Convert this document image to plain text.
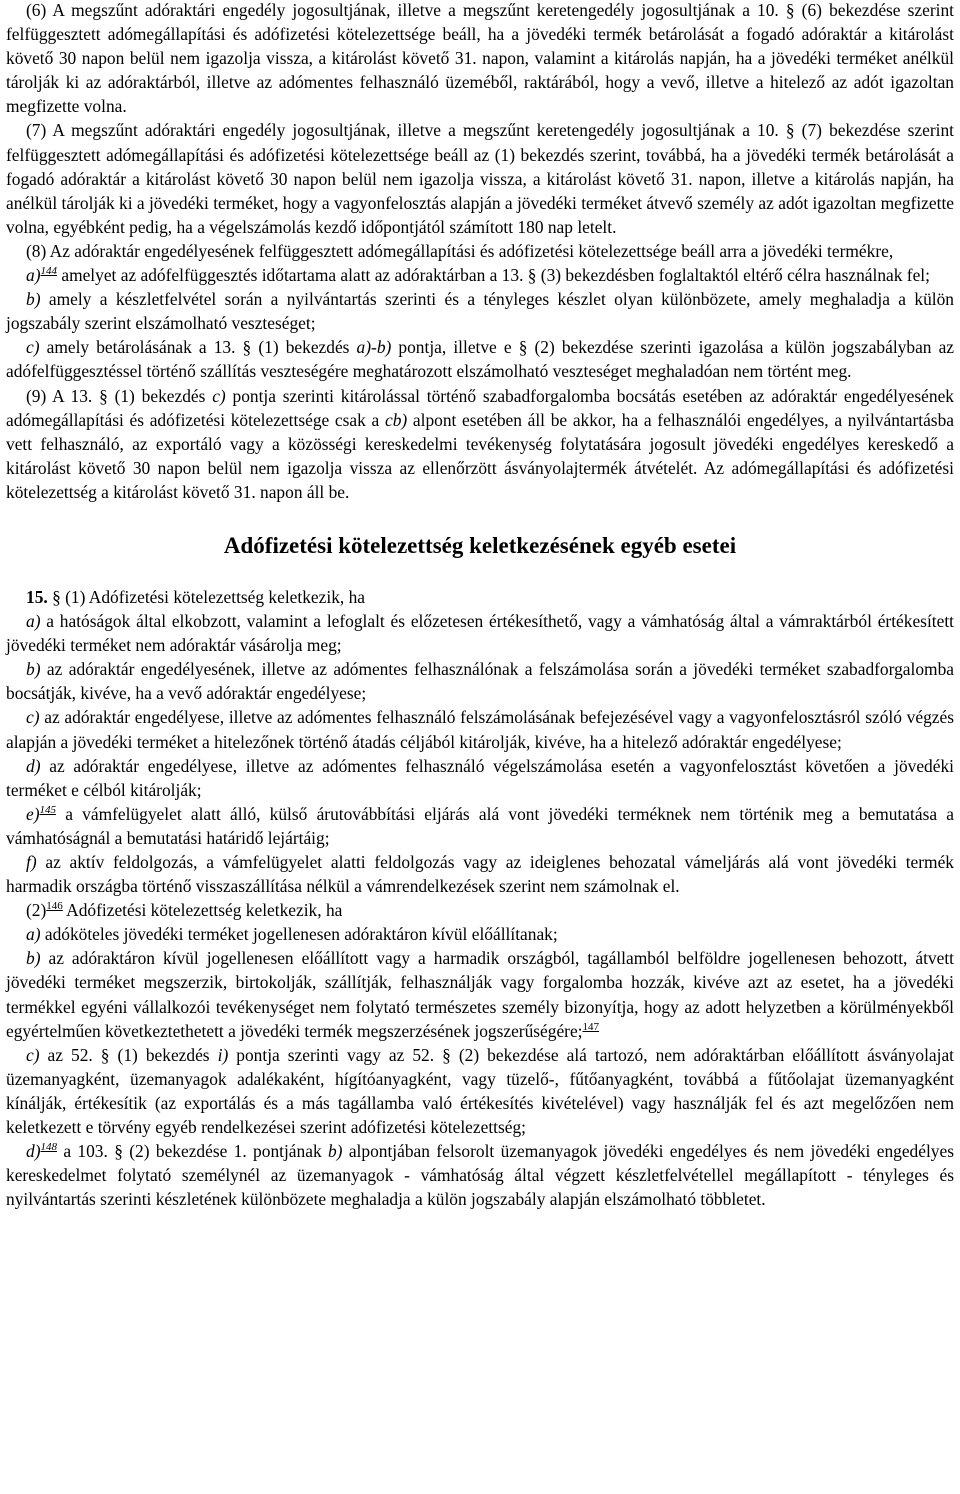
(6) A megszűnt adóraktári engedély jogosultjának, illetve a megszűnt keretengedély jogosultjának a 10. § (6) bekezdése szerint felfüggesztett adómegállapítási és adófizetési kötelezettsége beáll, ha a jövedéki termék betárolását a fogadó adóraktár a kitárolást követő 30 napon belül nem igazolja vissza, a kitárolást követő 31. napon, valamint a kitárolás napján, ha a jövedéki terméket anélkül tárolják ki az adóraktárból, illetve az adómentes felhasználó üzeméből, raktárából, hogy a vevő, illetve a hitelező az adót igazoltan megfizette volna.

(7) A megszűnt adóraktári engedély jogosultjának, illetve a megszűnt keretengedély jogosultjának a 10. § (7) bekezdése szerint felfüggesztett adómegállapítási és adófizetési kötelezettsége beáll az (1) bekezdés szerint, továbbá, ha a jövedéki termék betárolását a fogadó adóraktár a kitárolást követő 30 napon belül nem igazolja vissza, a kitárolást követő 31. napon, illetve a kitárolás napján, ha anélkül tárolják ki a jövedéki terméket, hogy a vagyonfelosztás alapján a jövedéki terméket átvevő személy az adót igazoltan megfizette volna, egyébként pedig, ha a végelszámolás kezdő időpontjától számított 180 nap letelt.

(8) Az adóraktár engedélyesének felfüggesztett adómegállapítási és adófizetési kötelezettsége beáll arra a jövedéki termékre,

a)$^{144}$ amelyet az adófelfüggesztés időtartama alatt az adóraktárban a 13. § (3) bekezdésben foglaltaktól eltérő célra használnak fel;

b) amely a készletfelvétel során a nyilvántartás szerinti és a tényleges készlet olyan különbözete, amely meghaladja a külön jogszabály szerint elszámolható veszteséget;

c) amely betárolásának a 13. § (1) bekezdés a)-b) pontja, illetve e § (2) bekezdése szerinti igazolása a külön jogszabályban az adófelfüggesztéssel történő szállítás veszteségére meghatározott elszámolható veszteséget meghaladóan nem történt meg.

(9) A 13. § (1) bekezdés c) pontja szerinti kitárolással történő szabadforgalomba bocsátás esetében az adóraktár engedélyesének adómegállapítási és adófizetési kötelezettsége csak a cb) alpont esetében áll be akkor, ha a felhasználói engedélyes, a nyilvántartásba vett felhasználó, az exportáló vagy a közösségi kereskedelmi tevékenység folytatására jogosult jövedéki engedélyes kereskedő a kitárolást követő 30 napon belül nem igazolja vissza az ellenőrzött ásványolajtermék átvételét. Az adómegállapítási és adófizetési kötelezettség a kitárolást követő 31. napon áll be.

Adófizetési kötelezettség keletkezésének egyéb esetei

15. § (1) Adófizetési kötelezettség keletkezik, ha

a) a hatóságok által elkobzott, valamint a lefoglalt és előzetesen értékesíthető, vagy a vámhatóság által a vámraktárból értékesített jövedéki terméket nem adóraktár vásárolja meg;

b) az adóraktár engedélyesének, illetve az adómentes felhasználónak a felszámolása során a jövedéki terméket szabadforgalomba bocsátják, kivéve, ha a vevő adóraktár engedélyese;

c) az adóraktár engedélyese, illetve az adómentes felhasználó felszámolásának befejezésével vagy a vagyonfelosztásról szóló végzés alapján a jövedéki terméket a hitelezőnek történő átadás céljából kitárolják, kivéve, ha a hitelező adóraktár engedélyese;

d) az adóraktár engedélyese, illetve az adómentes felhasználó végelszámolása esetén a vagyonfelosztást követően a jövedéki terméket e célból kitárolják;

e)$^{145}$ a vámfelügyelet alatt álló, külső árutovábbítási eljárás alá vont jövedéki terméknek nem történik meg a bemutatása a vámhatóságnál a bemutatási határidő lejártáig;

f) az aktív feldolgozás, a vámfelügyelet alatti feldolgozás vagy az ideiglenes behozatal vámeljárás alá vont jövedéki termék harmadik országba történő visszaszállítása nélkül a vámrendelkezések szerint nem számolnak el.

(2)$^{146}$ Adófizetési kötelezettség keletkezik, ha

a) adóköteles jövedéki terméket jogellenesen adóraktáron kívül előállítanak;

b) az adóraktáron kívül jogellenesen előállított vagy a harmadik országból, tagállamból belföldre jogellenesen behozott, átvett jövedéki terméket megszerzik, birtokolják, szállítják, felhasználják vagy forgalomba hozzák, kivéve azt az esetet, ha a jövedéki termékkel egyéni vállalkozói tevékenységet nem folytató természetes személy bizonyítja, hogy az adott helyzetben a körülményekből egyértelműen következtethetett a jövedéki termék megszerzésének jogszerűségére;$^{147}$

c) az 52. § (1) bekezdés i) pontja szerinti vagy az 52. § (2) bekezdése alá tartozó, nem adóraktárban előállított ásványolajat üzemanyagként, üzemanyagok adalékaként, hígítóanyagként, vagy tüzelő-, fűtőanyagként, továbbá a fűtőolajat üzemanyagként kínálják, értékesítik (az exportálás és a más tagállamba való értékesítés kivételével) vagy használják fel és azt megelőzően nem keletkezett e törvény egyéb rendelkezései szerint adófizetési kötelezettség;

d)$^{148}$ a 103. § (2) bekezdése 1. pontjának b) alpontjában felsorolt üzemanyagok jövedéki engedélyes és nem jövedéki engedélyes kereskedelmet folytató személynél az üzemanyagok - vámhatóság által végzett készletfelvétellel megállapított - tényleges és nyilvántartás szerinti készletének különbözete meghaladja a külön jogszabály alapján elszámolható többletet.
